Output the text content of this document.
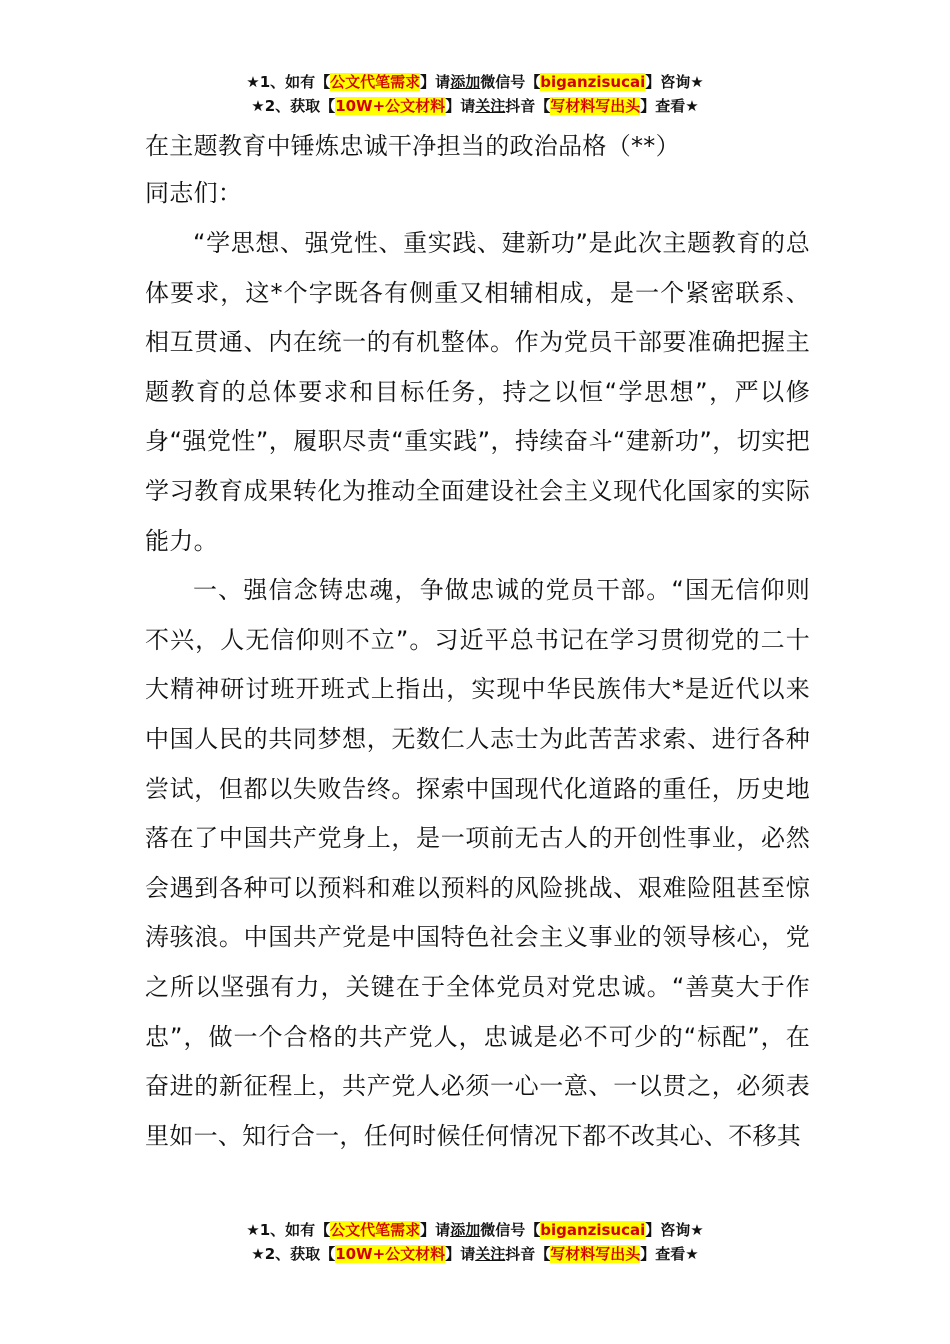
★1、如有【公文代笔需求】请添加微信号【biganzisucai】咨询★
★2、获取【10W+公文材料】请关注抖音【写材料写出头】查看★

在主题教育中锤炼忠诚干净担当的政治品格（**）

同志们：

“学思想、强党性、重实践、建新功”是此次主题教育的总体要求，这*个字既各有侧重又相辅相成，是一个紧密联系、相互贯通、内在统一的有机整体。作为党员干部要准确把握主题教育的总体要求和目标任务，持之以恒“学思想”，严以修身“强党性”，履职尽责“重实践”，持续奋斗“建新功”，切实把学习教育成果转化为推动全面建设社会主义现代化国家的实际能力。

一、强信念铸忠魂，争做忠诚的党员干部。“国无信仰则不兴，人无信仰则不立”。习近平总书记在学习贯彻党的二十大精神研讨班开班式上指出，实现中华民族伟大*是近代以来中国人民的共同梦想，无数仁人志士为此苦苦求索、进行各种尝试，但都以失败告终。探索中国现代化道路的重任，历史地落在了中国共产党身上，是一项前无古人的开创性事业，必然会遇到各种可以预料和难以预料的风险挑战、艰难险阻甚至惊涛骇浪。中国共产党是中国特色社会主义事业的领导核心，党之所以坚强有力，关键在于全体党员对党忠诚。“善莫大于作忠”，做一个合格的共产党人，忠诚是必不可少的“标配”，在奋进的新征程上，共产党人必须一心一意、一以贯之，必须表里如一、知行合一，任何时候任何情况下都不改其心、不移其

★1、如有【公文代笔需求】请添加微信号【biganzisucai】咨询★
★2、获取【10W+公文材料】请关注抖音【写材料写出头】查看★
